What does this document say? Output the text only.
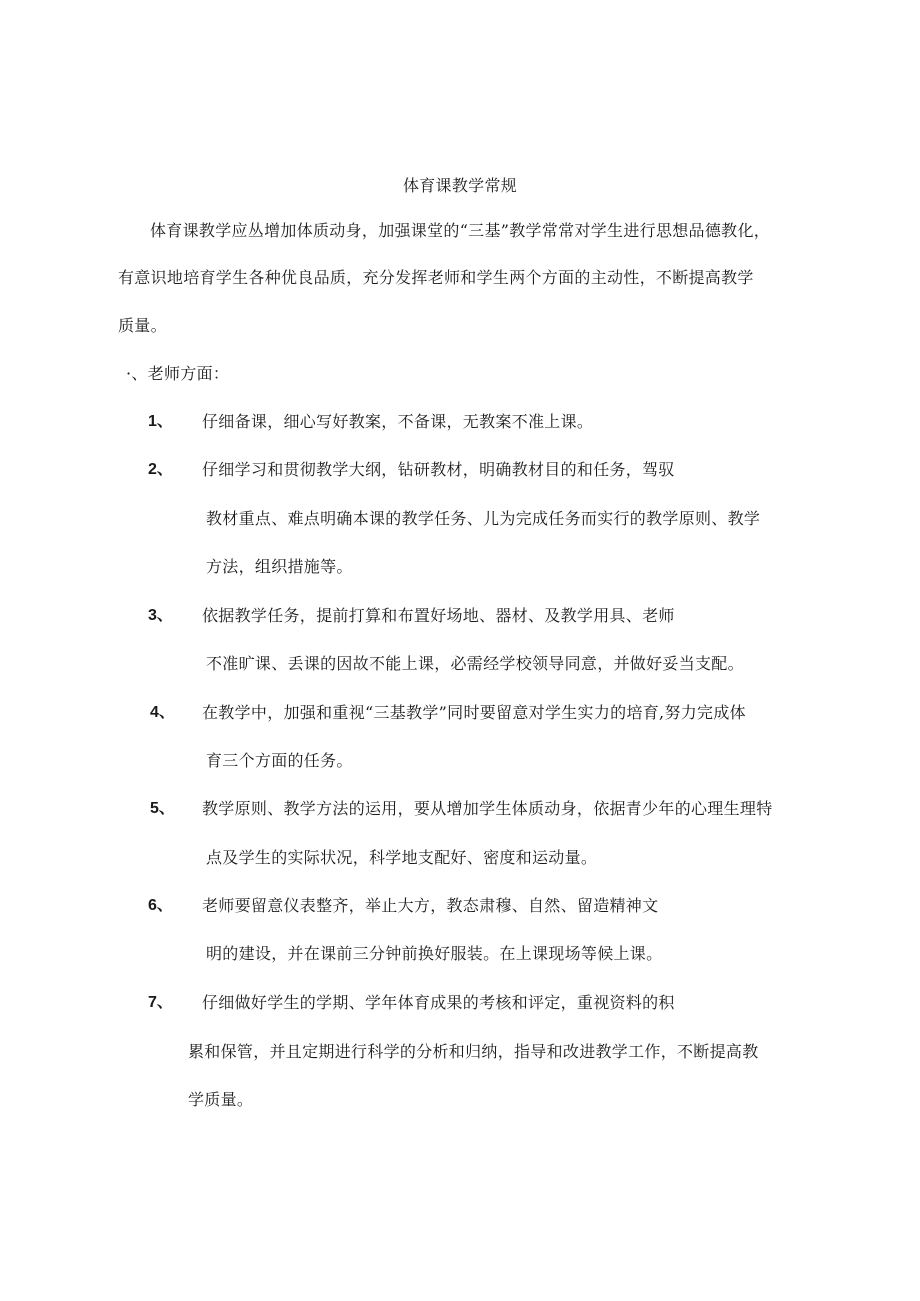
体育课教学常规
体育课教学应丛增加体质动身，加强课堂的“三基”教学常常对学生进行思想品德教化，
有意识地培育学生各种优良品质，充分发挥老师和学生两个方面的主动性，不断提高教学
质量。
·、老师方面：
1、 仔细备课，细心写好教案，不备课，无教案不准上课。
2、 仔细学习和贯彻教学大纲，钻研教材，明确教材目的和任务，驾驭
教材重点、难点明确本课的教学任务、儿为完成任务而实行的教学原则、教学
方法，组织措施等。
3、 依据教学任务，提前打算和布置好场地、器材、及教学用具、老师
不准旷课、丢课的因故不能上课，必需经学校领导同意，并做好妥当支配。
4、 在教学中，加强和重视“三基教学”同时要留意对学生实力的培育,努力完成体
育三个方面的任务。
5、 教学原则、教学方法的运用，要从增加学生体质动身，依据青少年的心理生理特
点及学生的实际状况，科学地支配好、密度和运动量。
6、 老师要留意仪表整齐，举止大方，教态肃穆、自然、留造精神文
明的建设，并在课前三分钟前换好服装。在上课现场等候上课。
7、 仔细做好学生的学期、学年体育成果的考核和评定，重视资料的积
累和保管，并且定期进行科学的分析和归纳，指导和改进教学工作，不断提高教
学质量。
